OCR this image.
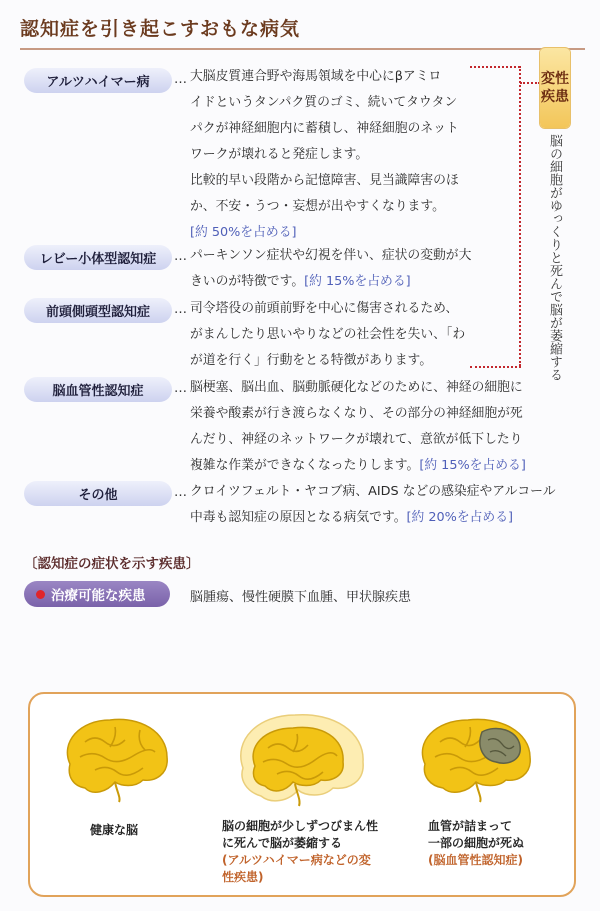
認知症を引き起こすおもな病気
アルツハイマー病	… 大脳皮質連合野や海馬領域を中心にβアミロ
イドというタンパク質のゴミ、続いてタウタン
パクが神経細胞内に蓄積し、神経細胞のネット
ワークが壊れると発症します。
比較的早い段階から記憶障害、見当識障害のほ
か、不安・うつ・妄想が出やすくなります。
[約 50%を占める]
レビー小体型認知症	… パーキンソン症状や幻視を伴い、症状の変動が大
きいのが特徴です。[約 15%を占める]
前頭側頭型認知症	… 司令塔役の前頭前野を中心に傷害されるため、
がまんしたり思いやりなどの社会性を失い、「わ
が道を行く」行動をとる特徴があります。
脳血管性認知症	… 脳梗塞、脳出血、脳動脈硬化などのために、神経の細胞に
栄養や酸素が行き渡らなくなり、その部分の神経細胞が死
んだり、神経のネットワークが壊れて、意欲が低下したり
複雑な作業ができなくなったりします。[約 15%を占める]
その他	… クロイツフェルト・ヤコブ病、AIDS などの感染症やアルコール
中毒も認知症の原因となる病気です。[約 20%を占める]
変性
疾患
脳の細胞がゆっくりと死んで脳が萎縮する
〔認知症の症状を示す疾患〕
治療可能な疾患	脳腫瘍、慢性硬膜下血腫、甲状腺疾患
健康な脳	脳の細胞が少しずつびまん性
に死んで脳が萎縮する
(アルツハイマー病などの変
性疾患)
血管が詰まって
一部の細胞が死ぬ
(脳血管性認知症)
